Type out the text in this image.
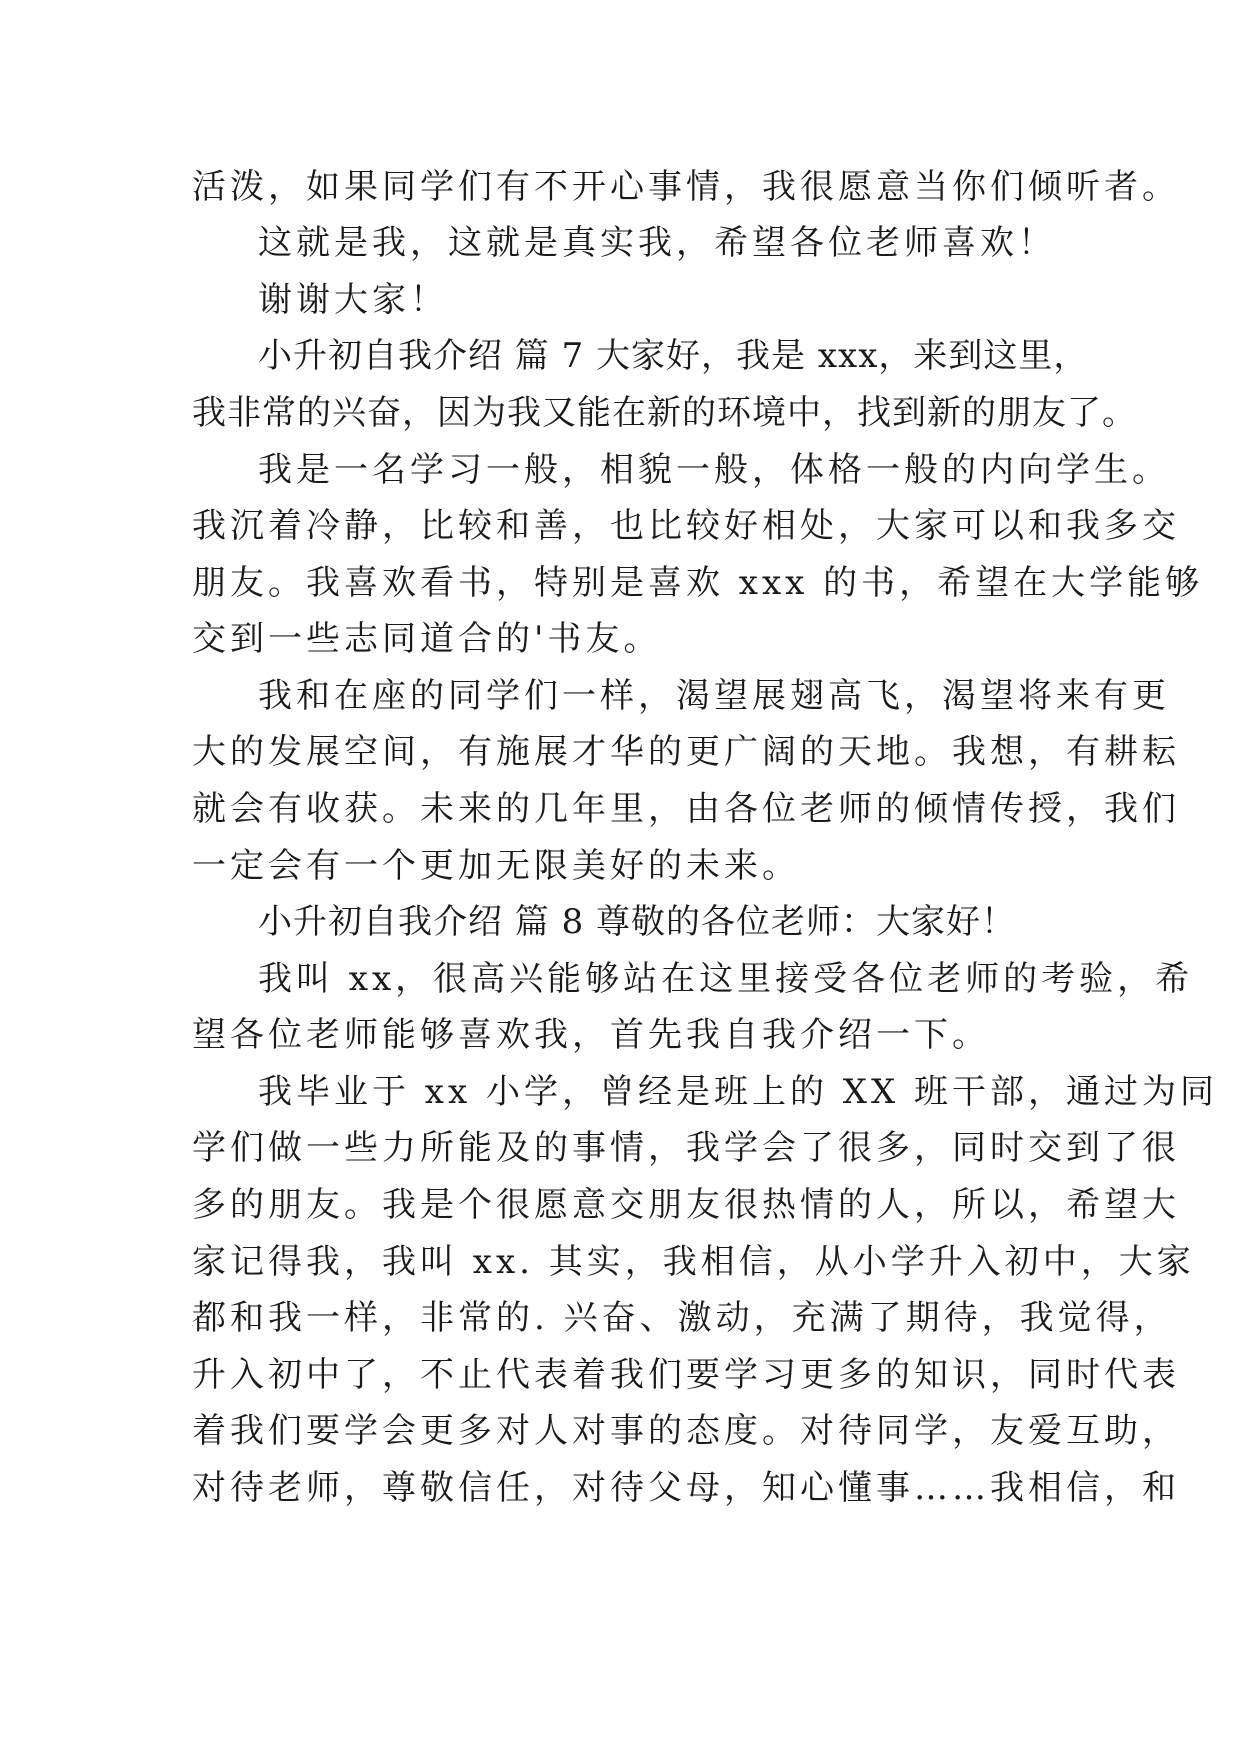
活泼，如果同学们有不开心事情，我很愿意当你们倾听者。
这就是我，这就是真实我，希望各位老师喜欢！
谢谢大家！
小升初自我介绍 篇 7 大家好，我是 xxx，来到这里，
我非常的兴奋，因为我又能在新的环境中，找到新的朋友了。
我是一名学习一般，相貌一般，体格一般的内向学生。
我沉着冷静，比较和善，也比较好相处，大家可以和我多交
朋友。我喜欢看书，特别是喜欢 xxx 的书，希望在大学能够
交到一些志同道合的'书友。
我和在座的同学们一样，渴望展翅高飞，渴望将来有更
大的发展空间，有施展才华的更广阔的天地。我想，有耕耘
就会有收获。未来的几年里，由各位老师的倾情传授，我们
一定会有一个更加无限美好的未来。
小升初自我介绍 篇 8 尊敬的各位老师：大家好！
我叫 xx，很高兴能够站在这里接受各位老师的考验，希
望各位老师能够喜欢我，首先我自我介绍一下。
我毕业于 xx 小学，曾经是班上的 XX 班干部，通过为同
学们做一些力所能及的事情，我学会了很多，同时交到了很
多的朋友。我是个很愿意交朋友很热情的人，所以，希望大
家记得我，我叫 xx. 其实，我相信，从小学升入初中，大家
都和我一样，非常的. 兴奋、激动，充满了期待，我觉得，
升入初中了，不止代表着我们要学习更多的知识，同时代表
着我们要学会更多对人对事的态度。对待同学，友爱互助，
对待老师，尊敬信任，对待父母，知心懂事……我相信，和
